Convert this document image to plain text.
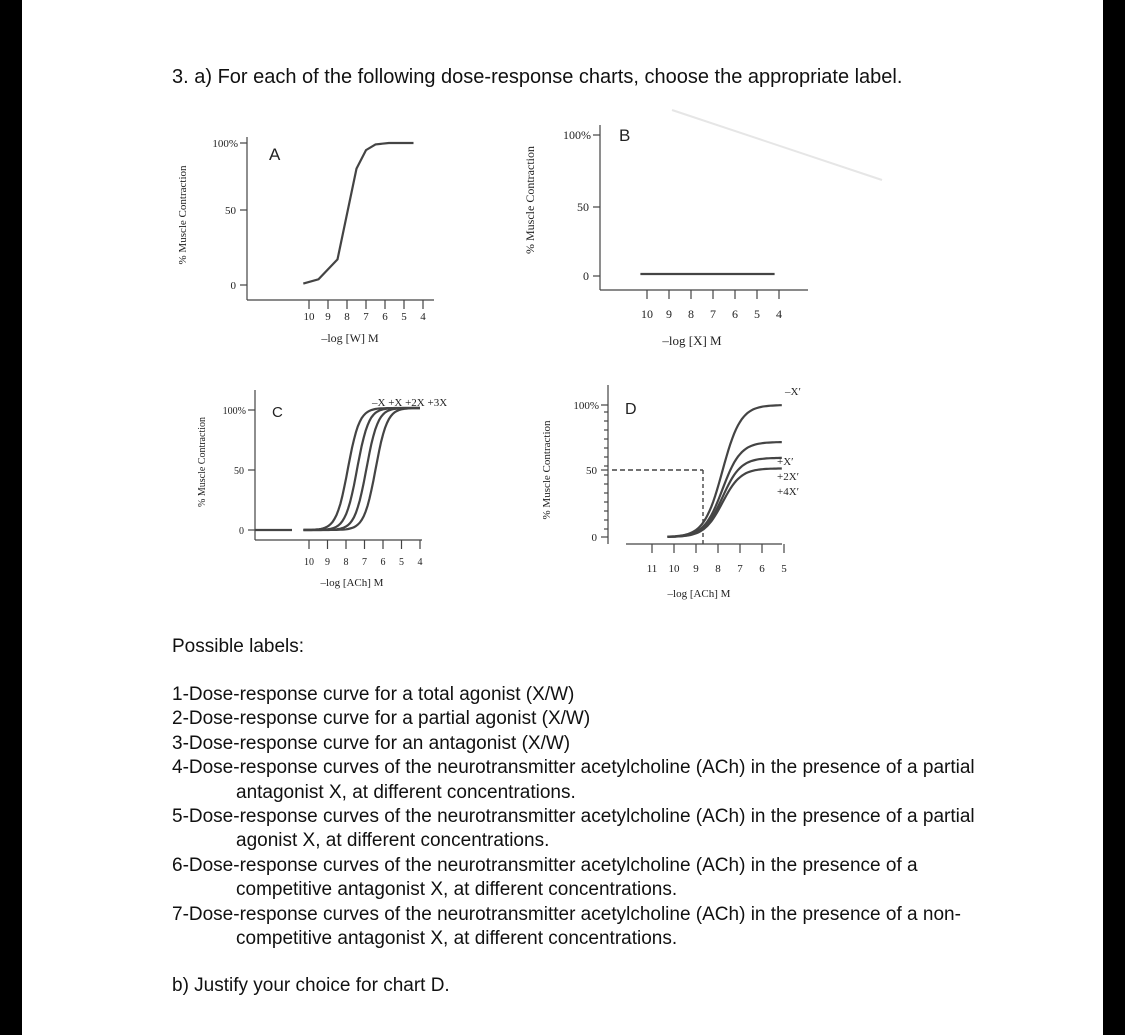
3. a) For each of the following dose-response charts, choose the appropriate label.
% Muscle Contraction
100%
50
0
10 9 8 7 6 5 4
–log [W] M
A	% Muscle Contraction
100%
50
0
10 9 8 7 6 5 4
–log [X] M
B
% Muscle Contraction
100%
50
0
10 9 8 7 6 5 4
–log [ACh] M
C
–X +X +2X +3X
% Muscle Contraction
100%
50
0
11 10 9 8 7 6 5
–log [ACh] M
D
–X′
+X′
+2X′
+4X′
Possible labels:

1-Dose-response curve for a total agonist (X/W)

2-Dose-response curve for a partial agonist (X/W)

3-Dose-response curve for an antagonist (X/W)

4-Dose-response curves of the neurotransmitter acetylcholine (ACh) in the presence of a partial antagonist X, at different concentrations.

5-Dose-response curves of the neurotransmitter acetylcholine (ACh) in the presence of a partial agonist X, at different concentrations.

6-Dose-response curves of the neurotransmitter acetylcholine (ACh) in the presence of a competitive antagonist X, at different concentrations.

7-Dose-response curves of the neurotransmitter acetylcholine (ACh) in the presence of a non-competitive antagonist X, at different concentrations.

b) Justify your choice for chart D.
